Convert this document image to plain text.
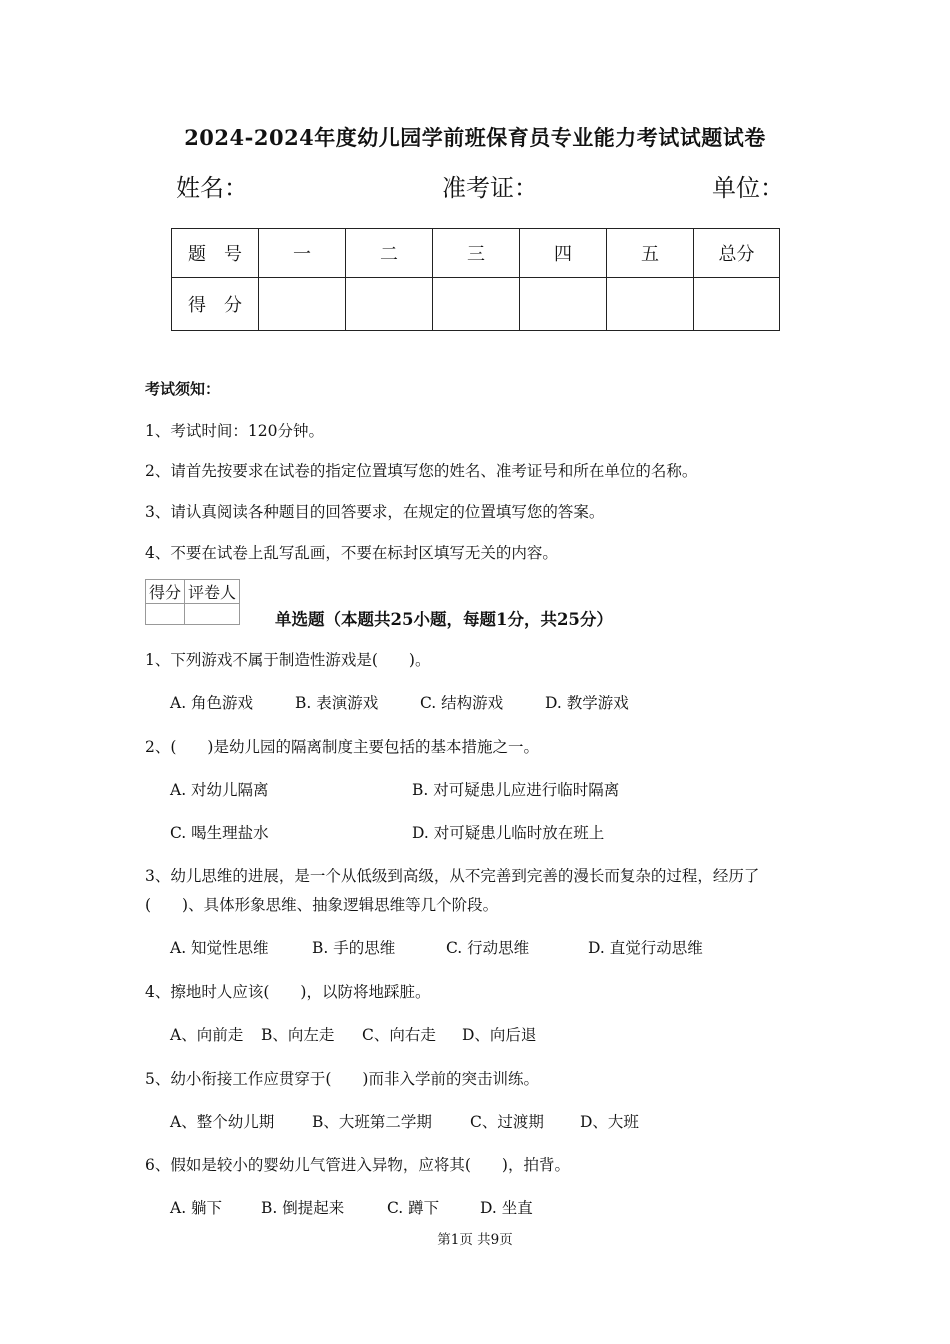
2024-2024年度幼儿园学前班保育员专业能力考试试题试卷
姓名：	准考证：	单位：
题　号	一	二	三	四	五	总分
得　分						
考试须知：
1、考试时间：120分钟。
2、请首先按要求在试卷的指定位置填写您的姓名、准考证号和所在单位的名称。
3、请认真阅读各种题目的回答要求，在规定的位置填写您的答案。
4、不要在试卷上乱写乱画，不要在标封区填写无关的内容。
得分	评卷人

单选题（本题共25小题，每题1分，共25分）
1、下列游戏不属于制造性游戏是(　　)。
A. 角色游戏	B. 表演游戏	C. 结构游戏	D. 教学游戏
2、(　　)是幼儿园的隔离制度主要包括的基本措施之一。
A. 对幼儿隔离	B. 对可疑患儿应进行临时隔离
C. 喝生理盐水	D. 对可疑患儿临时放在班上
3、幼儿思维的进展，是一个从低级到高级，从不完善到完善的漫长而复杂的过程，经历了
(　　)、具体形象思维、抽象逻辑思维等几个阶段。
A. 知觉性思维	B. 手的思维	C. 行动思维	D. 直觉行动思维
4、擦地时人应该(　　)，以防将地踩脏。
A、向前走 B、向左走 C、向右走 D、向后退
5、幼小衔接工作应贯穿于(　　)而非入学前的突击训练。
A、整个幼儿期 B、大班第二学期 C、过渡期 D、大班
6、假如是较小的婴幼儿气管进入异物，应将其(　　)，拍背。
A. 躺下	B. 倒提起来	C. 蹲下	D. 坐直
第1页 共9页
